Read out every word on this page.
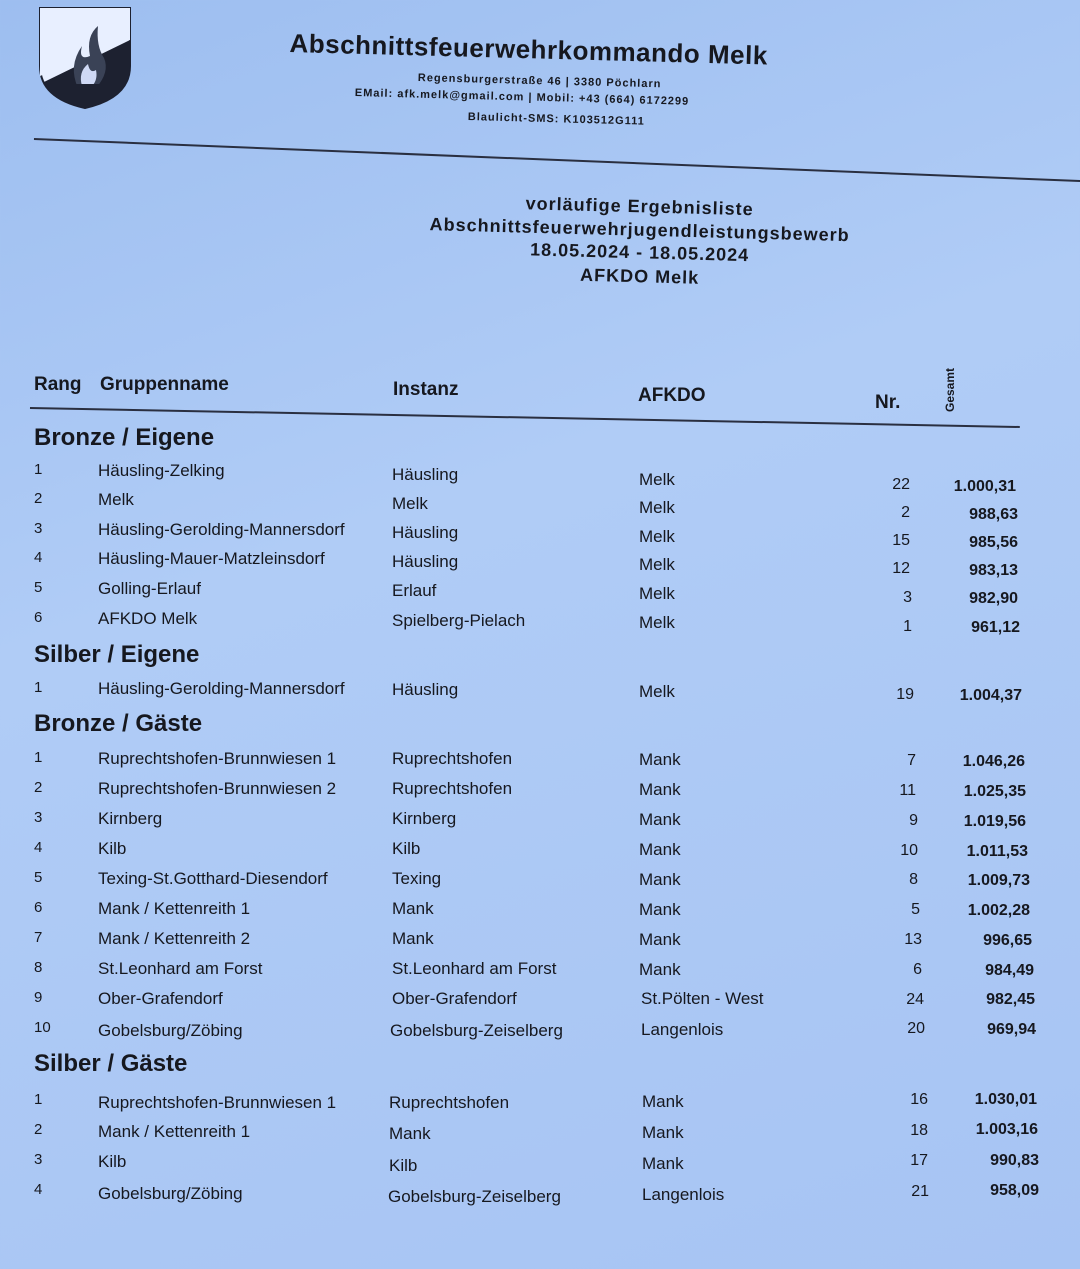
Abschnittsfeuerwehrkommando Melk
Regensburgerstraße 46 | 3380 Pöchlarn
EMail: afk.melk@gmail.com | Mobil: +43 (664) 6172299
Blaulicht-SMS: K103512G111
vorläufige Ergebnisliste
Abschnittsfeuerwehrjugendleistungsbewerb
18.05.2024 - 18.05.2024
AFKDO Melk
Rang Gruppenname	Instanz	AFKDO	Nr.	Gesamt
Bronze / Eigene
1	Häusling-Zelking	Häusling	Melk	22	1.000,31
2	Melk	Melk	Melk	2	988,63
3	Häusling-Gerolding-Mannersdorf	Häusling	Melk	15	985,56
4	Häusling-Mauer-Matzleinsdorf	Häusling	Melk	12	983,13
5	Golling-Erlauf	Erlauf	Melk	3	982,90
6	AFKDO Melk	Spielberg-Pielach	Melk	1	961,12
Silber / Eigene
1	Häusling-Gerolding-Mannersdorf	Häusling	Melk	19	1.004,37
Bronze / Gäste
1	Ruprechtshofen-Brunnwiesen 1	Ruprechtshofen	Mank	7	1.046,26
2	Ruprechtshofen-Brunnwiesen 2	Ruprechtshofen	Mank	11	1.025,35
3	Kirnberg	Kirnberg	Mank	9	1.019,56
4	Kilb	Kilb	Mank	10	1.011,53
5	Texing-St.Gotthard-Diesendorf	Texing	Mank	8	1.009,73
6	Mank / Kettenreith 1	Mank	Mank	5	1.002,28
7	Mank / Kettenreith 2	Mank	Mank	13	996,65
8	St.Leonhard am Forst	St.Leonhard am Forst	Mank	6	984,49
9	Ober-Grafendorf	Ober-Grafendorf	St.Pölten - West	24	982,45
10	Gobelsburg/Zöbing	Gobelsburg-Zeiselberg	Langenlois	20	969,94
Silber / Gäste
1	Ruprechtshofen-Brunnwiesen 1	Ruprechtshofen	Mank	16	1.030,01
2	Mank / Kettenreith 1	Mank	Mank	18	1.003,16
3	Kilb	Kilb	Mank	17	990,83
4	Gobelsburg/Zöbing	Gobelsburg-Zeiselberg	Langenlois	21	958,09
